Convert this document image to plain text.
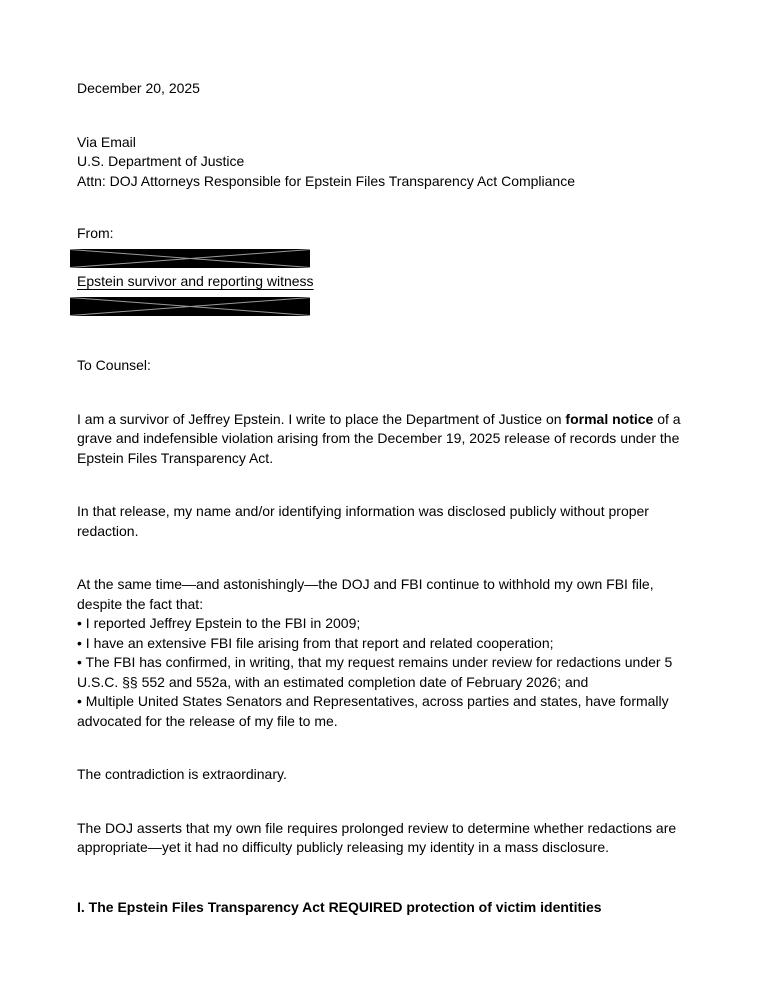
December 20, 2025

Via Email
U.S. Department of Justice
Attn: DOJ Attorneys Responsible for Epstein Files Transparency Act Compliance
From:
Epstein survivor and reporting witness

To Counsel:

I am a survivor of Jeffrey Epstein. I write to place the Department of Justice on formal notice of a grave and indefensible violation arising from the December 19, 2025 release of records under the Epstein Files Transparency Act.

In that release, my name and/or identifying information was disclosed publicly without proper redaction.

At the same time—and astonishingly—the DOJ and FBI continue to withhold my own FBI file, despite the fact that:
• I reported Jeffrey Epstein to the FBI in 2009;
• I have an extensive FBI file arising from that report and related cooperation;
• The FBI has confirmed, in writing, that my request remains under review for redactions under 5 U.S.C. §§ 552 and 552a, with an estimated completion date of February 2026; and
• Multiple United States Senators and Representatives, across parties and states, have formally advocated for the release of my file to me.

The contradiction is extraordinary.

The DOJ asserts that my own file requires prolonged review to determine whether redactions are appropriate—yet it had no difficulty publicly releasing my identity in a mass disclosure.

I. The Epstein Files Transparency Act REQUIRED protection of victim identities
